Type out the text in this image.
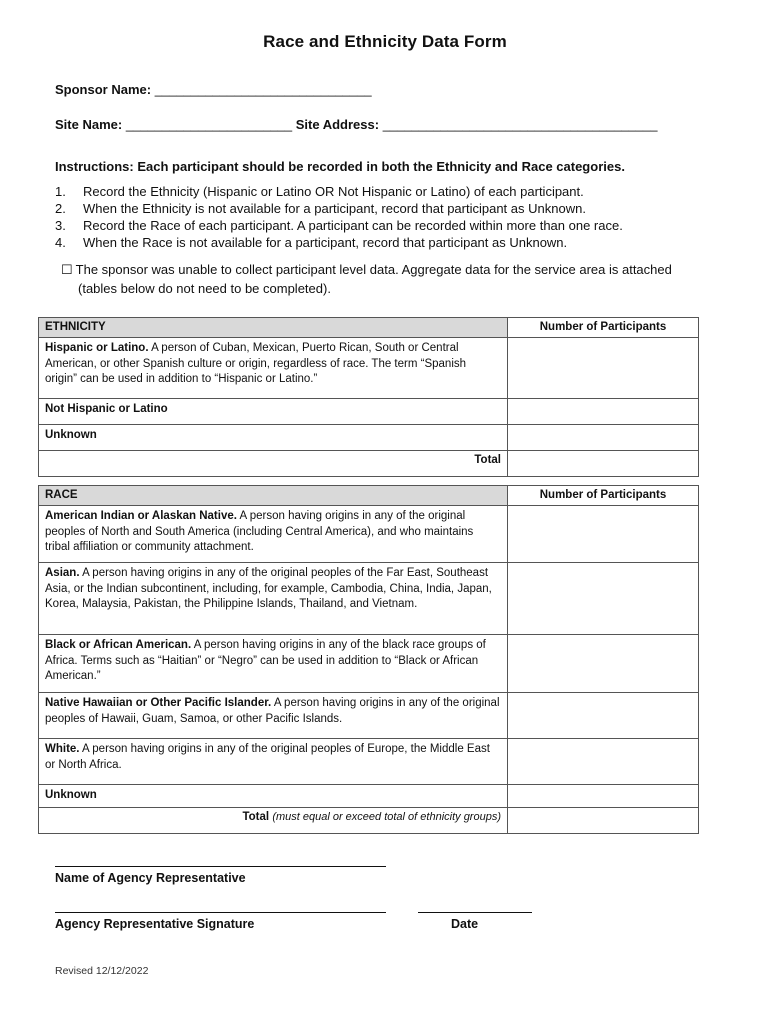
Race and Ethnicity Data Form
Sponsor Name: ______________________________
Site Name: _______________________ Site Address: ______________________________________
Instructions: Each participant should be recorded in both the Ethnicity and Race categories.
1. Record the Ethnicity (Hispanic or Latino OR Not Hispanic or Latino) of each participant.
2. When the Ethnicity is not available for a participant, record that participant as Unknown.
3. Record the Race of each participant. A participant can be recorded within more than one race.
4. When the Race is not available for a participant, record that participant as Unknown.
☐ The sponsor was unable to collect participant level data. Aggregate data for the service area is attached
(tables below do not need to be completed).
ETHNICITY	Number of Participants
Hispanic or Latino. A person of Cuban, Mexican, Puerto Rican, South or Central American, or other Spanish culture or origin, regardless of race. The term “Spanish origin” can be used in addition to “Hispanic or Latino.”	
Not Hispanic or Latino	
Unknown	
Total	
RACE	Number of Participants
American Indian or Alaskan Native. A person having origins in any of the original peoples of North and South America (including Central America), and who maintains tribal affiliation or community attachment.	
Asian. A person having origins in any of the original peoples of the Far East, Southeast Asia, or the Indian subcontinent, including, for example, Cambodia, China, India, Japan, Korea, Malaysia, Pakistan, the Philippine Islands, Thailand, and Vietnam.	
Black or African American. A person having origins in any of the black race groups of Africa. Terms such as “Haitian” or “Negro” can be used in addition to “Black or African American.”	
Native Hawaiian or Other Pacific Islander. A person having origins in any of the original peoples of Hawaii, Guam, Samoa, or other Pacific Islands.	
White. A person having origins in any of the original peoples of Europe, the Middle East or North Africa.	
Unknown	
Total (must equal or exceed total of ethnicity groups)	
Name of Agency Representative
Agency Representative Signature	Date
Revised 12/12/2022
